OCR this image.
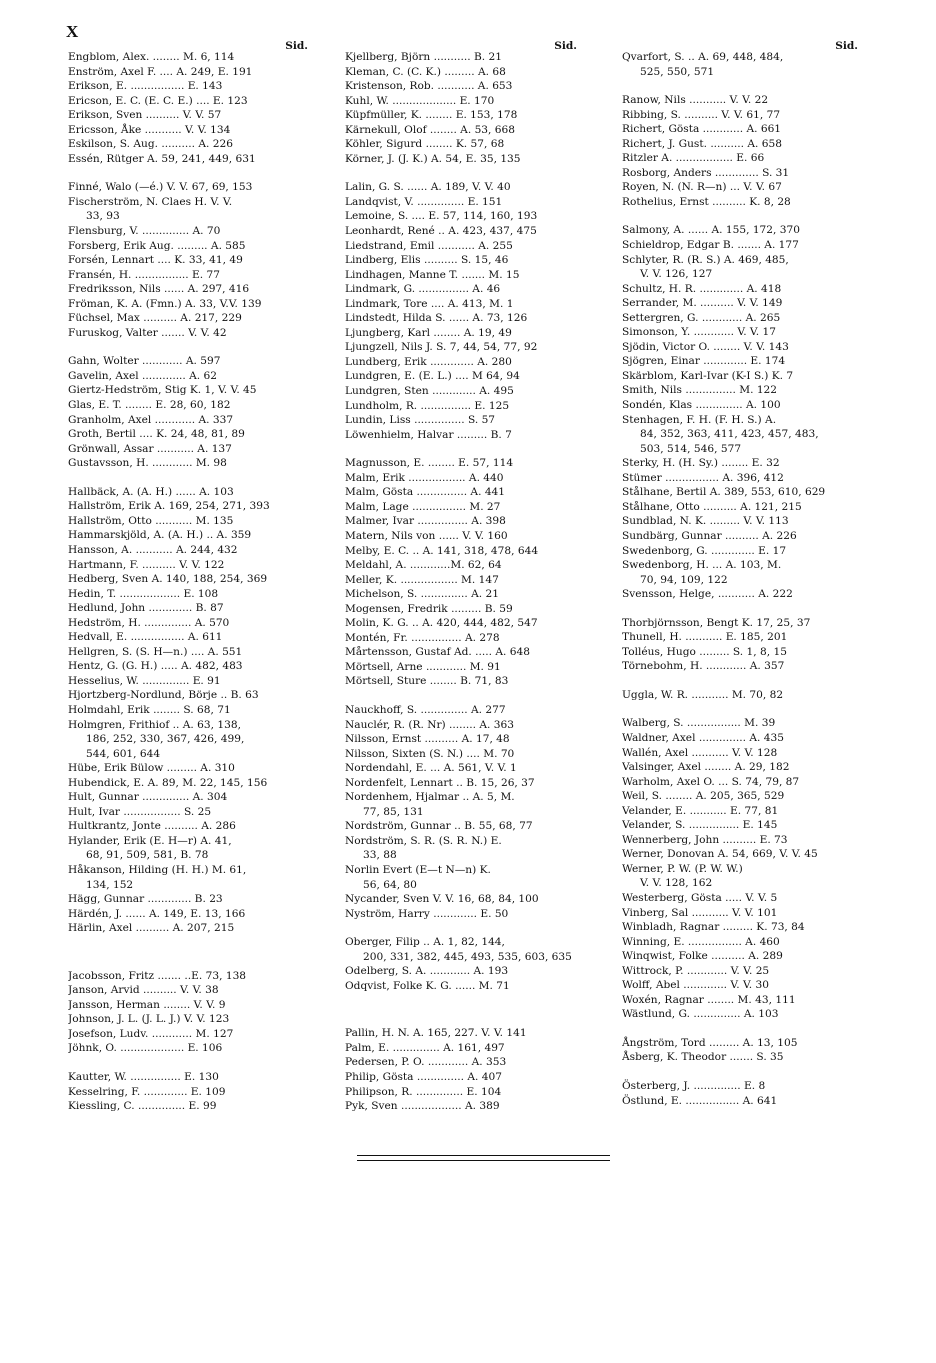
X
Sid.
Engblom, Alex. ........ M. 6, 114
Enström, Axel F. .... A. 249, E. 191
Erikson, E. ................ E. 143
Ericson, E. C. (E. C. E.) .... E. 123
Erikson, Sven .......... V. V. 57
Ericsson, Åke ........... V. V. 134
Eskilson, S. Aug. .......... A. 226
Essén, Rütger A. 59, 241, 449, 631
Finné, Walo (—é.) V. V. 67, 69, 153
Fischerström, N. Claes H. V. V.
33, 93
Flensburg, V. .............. A. 70
Forsberg, Erik Aug. ......... A. 585
Forsén, Lennart .... K. 33, 41, 49
Fransén, H. ................ E. 77
Fredriksson, Nils ...... A. 297, 416
Fröman, K. A. (Fmn.) A. 33, V.V. 139
Füchsel, Max .......... A. 217, 229
Furuskog, Valter ....... V. V. 42
Gahn, Wolter ............ A. 597
Gavelin, Axel ............. A. 62
Giertz-Hedström, Stig K. 1, V. V. 45
Glas, E. T. ........ E. 28, 60, 182
Granholm, Axel ............ A. 337
Groth, Bertil .... K. 24, 48, 81, 89
Grönwall, Assar ........... A. 137
Gustavsson, H. ............ M. 98
Hallbäck, A. (A. H.) ...... A. 103
Hallström, Erik A. 169, 254, 271, 393
Hallström, Otto ........... M. 135
Hammarskjöld, A. (A. H.) .. A. 359
Hansson, A. ........... A. 244, 432
Hartmann, F. .......... V. V. 122
Hedberg, Sven A. 140, 188, 254, 369
Hedin, T. .................. E. 108
Hedlund, John ............. B. 87
Hedström, H. .............. A. 570
Hedvall, E. ................ A. 611
Hellgren, S. (S. H—n.) .... A. 551
Hentz, G. (G. H.) ..... A. 482, 483
Hesselius, W. .............. E. 91
Hjortzberg-Nordlund, Börje .. B. 63
Holmdahl, Erik ........ S. 68, 71
Holmgren, Frithiof .. A. 63, 138,
186, 252, 330, 367, 426, 499,
544, 601, 644
Hübe, Erik Bülow ......... A. 310
Hubendick, E. A. 89, M. 22, 145, 156
Hult, Gunnar .............. A. 304
Hult, Ivar ................. S. 25
Hultkrantz, Jonte .......... A. 286
Hylander, Erik (E. H—r) A. 41,
68, 91, 509, 581, B. 78
Håkanson, Hilding (H. H.) M. 61,
134, 152
Hägg, Gunnar ............. B. 23
Härdén, J. ...... A. 149, E. 13, 166
Härlin, Axel .......... A. 207, 215
Jacobsson, Fritz ....... ..E. 73, 138
Janson, Arvid .......... V. V. 38
Jansson, Herman ........ V. V. 9
Johnson, J. L. (J. L. J.) V. V. 123
Josefson, Ludv. ............ M. 127
Jöhnk, O. ................... E. 106
Kautter, W. ............... E. 130
Kesselring, F. ............. E. 109
Kiessling, C. .............. E. 99
Sid.
Kjellberg, Björn ........... B. 21
Kleman, C. (C. K.) ......... A. 68
Kristenson, Rob. ........... A. 653
Kuhl, W. ................... E. 170
Küpfmüller, K. ........ E. 153, 178
Kärnekull, Olof ........ A. 53, 668
Köhler, Sigurd ........ K. 57, 68
Körner, J. (J. K.) A. 54, E. 35, 135
Lalin, G. S. ...... A. 189, V. V. 40
Landqvist, V. .............. E. 151
Lemoine, S. .... E. 57, 114, 160, 193
Leonhardt, René .. A. 423, 437, 475
Liedstrand, Emil ........... A. 255
Lindberg, Elis .......... S. 15, 46
Lindhagen, Manne T. ....... M. 15
Lindmark, G. ............... A. 46
Lindmark, Tore .... A. 413, M. 1
Lindstedt, Hilda S. ...... A. 73, 126
Ljungberg, Karl ........ A. 19, 49
Ljungzell, Nils J. S. 7, 44, 54, 77, 92
Lundberg, Erik ............. A. 280
Lundgren, E. (E. L.) .... M 64, 94
Lundgren, Sten ............. A. 495
Lundholm, R. ............... E. 125
Lundin, Liss ............... S. 57
Löwenhielm, Halvar ......... B. 7
Magnusson, E. ........ E. 57, 114
Malm, Erik ................. A. 440
Malm, Gösta ............... A. 441
Malm, Lage ................ M. 27
Malmer, Ivar ............... A. 398
Matern, Nils von ...... V. V. 160
Melby, E. C. .. A. 141, 318, 478, 644
Meldahl, A. ............M. 62, 64
Meller, K. ................. M. 147
Michelson, S. .............. A. 21
Mogensen, Fredrik ......... B. 59
Molin, K. G. .. A. 420, 444, 482, 547
Montén, Fr. ............... A. 278
Mårtensson, Gustaf Ad. ..... A. 648
Mörtsell, Arne ............ M. 91
Mörtsell, Sture ........ B. 71, 83
Nauckhoff, S. .............. A. 277
Nauclér, R. (R. Nr) ........ A. 363
Nilsson, Ernst .......... A. 17, 48
Nilsson, Sixten (S. N.) .... M. 70
Nordendahl, E. ... A. 561, V. V. 1
Nordenfelt, Lennart .. B. 15, 26, 37
Nordenhem, Hjalmar .. A. 5, M.
77, 85, 131
Nordström, Gunnar .. B. 55, 68, 77
Nordström, S. R. (S. R. N.) E.
33, 88
Norlin Evert (E—t N—n) K.
56, 64, 80
Nycander, Sven V. V. 16, 68, 84, 100
Nyström, Harry ............. E. 50
Oberger, Filip .. A. 1, 82, 144,
200, 331, 382, 445, 493, 535, 603, 635
Odelberg, S. A. ............ A. 193
Odqvist, Folke K. G. ...... M. 71
Pallin, H. N. A. 165, 227. V. V. 141
Palm, E. .............. A. 161, 497
Pedersen, P. O. ............ A. 353
Philip, Gösta .............. A. 407
Philipson, R. .............. E. 104
Pyk, Sven .................. A. 389
Sid.
Qvarfort, S. .. A. 69, 448, 484,
525, 550, 571
Ranow, Nils ........... V. V. 22
Ribbing, S. .......... V. V. 61, 77
Richert, Gösta ............ A. 661
Richert, J. Gust. .......... A. 658
Ritzler A. ................. E. 66
Rosborg, Anders ............. S. 31
Royen, N. (N. R—n) ... V. V. 67
Rothelius, Ernst .......... K. 8, 28
Salmony, A. ...... A. 155, 172, 370
Schieldrop, Edgar B. ....... A. 177
Schlyter, R. (R. S.) A. 469, 485,
V. V. 126, 127
Schultz, H. R. ............. A. 418
Serrander, M. .......... V. V. 149
Settergren, G. ............ A. 265
Simonson, Y. ............ V. V. 17
Sjödin, Victor O. ........ V. V. 143
Sjögren, Einar ............. E. 174
Skärblom, Karl-Ivar (K-I S.) K. 7
Smith, Nils ............... M. 122
Sondén, Klas .............. A. 100
Stenhagen, F. H. (F. H. S.) A.
84, 352, 363, 411, 423, 457, 483,
503, 514, 546, 577
Sterky, H. (H. Sy.) ........ E. 32
Stümer ................ A. 396, 412
Stålhane, Bertil A. 389, 553, 610, 629
Stålhane, Otto .......... A. 121, 215
Sundblad, N. K. ......... V. V. 113
Sundbärg, Gunnar .......... A. 226
Swedenborg, G. ............. E. 17
Swedenborg, H. ... A. 103, M.
70, 94, 109, 122
Svensson, Helge, ........... A. 222
Thorbjörnsson, Bengt K. 17, 25, 37
Thunell, H. ........... E. 185, 201
Tolléus, Hugo ......... S. 1, 8, 15
Törnebohm, H. ............ A. 357
Uggla, W. R. ........... M. 70, 82
Walberg, S. ................ M. 39
Waldner, Axel .............. A. 435
Wallén, Axel ........... V. V. 128
Valsinger, Axel ........ A. 29, 182
Warholm, Axel O. ... S. 74, 79, 87
Weil, S. ........ A. 205, 365, 529
Velander, E. ........... E. 77, 81
Velander, S. ............... E. 145
Wennerberg, John .......... E. 73
Werner, Donovan A. 54, 669, V. V. 45
Werner, P. W. (P. W. W.)
V. V. 128, 162
Westerberg, Gösta ..... V. V. 5
Vinberg, Sal ........... V. V. 101
Winbladh, Ragnar ......... K. 73, 84
Winning, E. ................ A. 460
Winqwist, Folke .......... A. 289
Wittrock, P. ............ V. V. 25
Wolff, Abel ............. V. V. 30
Woxén, Ragnar ........ M. 43, 111
Wästlund, G. .............. A. 103
Ångström, Tord ......... A. 13, 105
Åsberg, K. Theodor ....... S. 35
Österberg, J. .............. E. 8
Östlund, E. ................ A. 641
